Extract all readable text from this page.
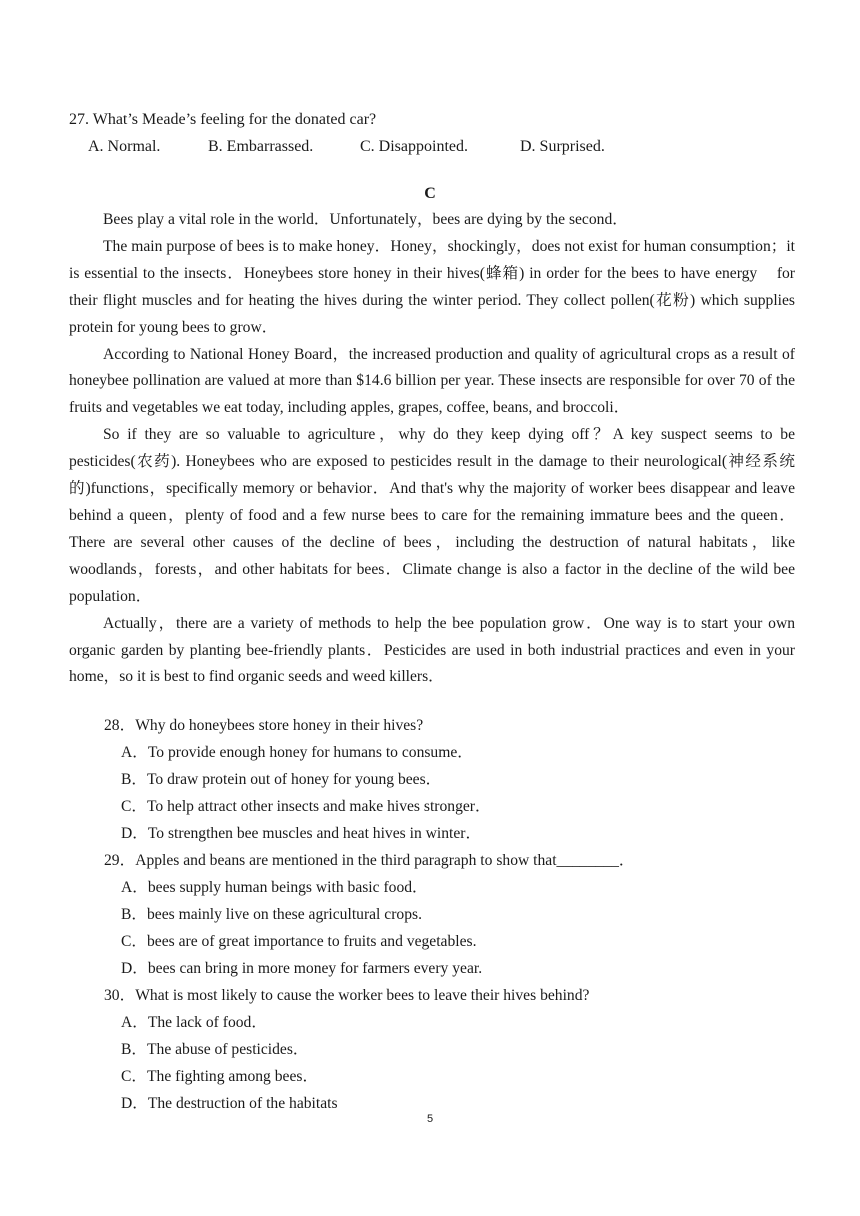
27. What’s Meade’s feeling for the donated car?
A. Normal.	B. Embarrassed.	C. Disappointed.	D. Surprised.
C

Bees play a vital role in the world．Unfortunately，bees are dying by the second．

The main purpose of bees is to make honey．Honey，shockingly，does not exist for human consumption；it is essential to the insects．Honeybees store honey in their hives(蜂箱) in order for the bees to have energy    for their flight muscles and for heating the hives during the winter period. They collect pollen(花粉) which supplies protein for young bees to grow．

According to National Honey Board，the increased production and quality of agricultural crops as a result of honeybee pollination are valued at more than $14.6 billion per year. These insects are responsible for over 70 of the fruits and vegetables we eat today, including apples, grapes, coffee, beans, and broccoli．

So if they are so valuable to agriculture，why do they keep dying off？A key suspect seems to be pesticides(农药). Honeybees who are exposed to pesticides result in the damage to their neurological(神经系统的)functions，specifically memory or behavior．And that's why the majority of worker bees disappear and leave behind a queen，plenty of food and a few nurse bees to care for the remaining immature bees and the queen．There are several other causes of the decline of bees，including the destruction of natural habitats，like woodlands，forests，and other habitats for bees．Climate change is also a factor in the decline of the wild bee population．

Actually，there are a variety of methods to help the bee population grow．One way is to start your own organic garden by planting bee-friendly plants．Pesticides are used in both industrial practices and even in your home，so it is best to find organic seeds and weed killers．

28．Why do honeybees store honey in their hives?
A．To provide enough honey for humans to consume．
B．To draw protein out of honey for young bees．
C．To help attract other insects and make hives stronger．
D．To strengthen bee muscles and heat hives in winter．
29．Apples and beans are mentioned in the third paragraph to show that________．
A．bees supply human beings with basic food．
B．bees mainly live on these agricultural crops.
C．bees are of great importance to fruits and vegetables.
D．bees can bring in more money for farmers every year.
30．What is most likely to cause the worker bees to leave their hives behind?
A．The lack of food．
B．The abuse of pesticides．
C．The fighting among bees．
D．The destruction of the habitats
5
